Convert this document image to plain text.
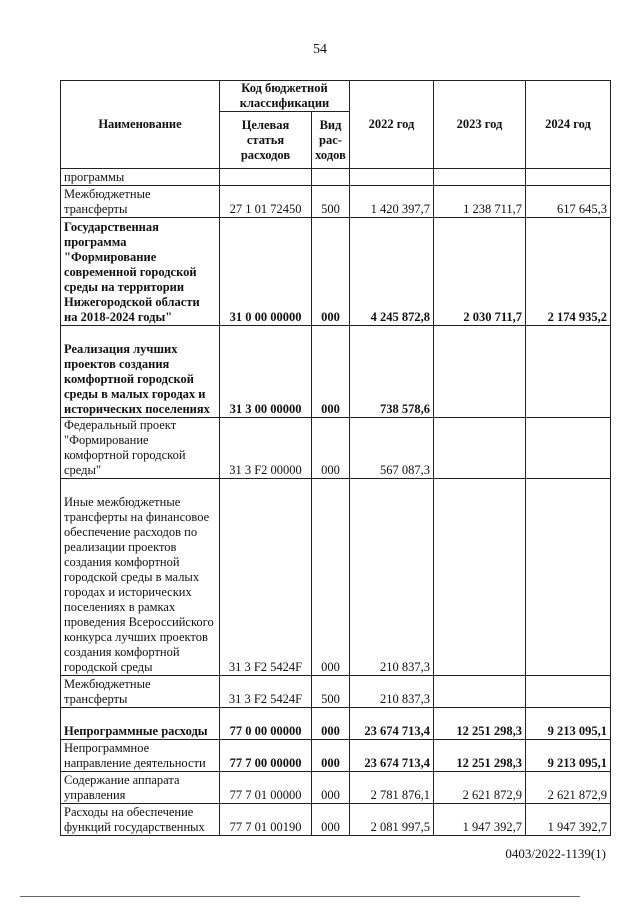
54
Наименование	Код бюджетной классификации		2022 год	2023 год	2024 год
	Целевая статья расходов	Вид рас-ходов			
программы					
Межбюджетные трансферты	27 1 01 72450	500	1 420 397,7	1 238 711,7	617 645,3
Государственная программа "Формирование современной городской среды на территории Нижегородской области на 2018-2024 годы"	31 0 00 00000	000	4 245 872,8	2 030 711,7	2 174 935,2
Реализация лучших проектов создания комфортной городской среды в малых городах и исторических поселениях	31 3 00 00000	000	738 578,6		
Федеральный проект "Формирование комфортной городской среды"	31 3 F2 00000	000	567 087,3		
Иные межбюджетные трансферты на финансовое обеспечение расходов по реализации проектов создания комфортной городской среды в малых городах и исторических поселениях в рамках проведения Всероссийского конкурса лучших проектов создания комфортной городской среды	31 3 F2 5424F	000	210 837,3		
Межбюджетные трансферты	31 3 F2 5424F	500	210 837,3		
Непрограммные расходы	77 0 00 00000	000	23 674 713,4	12 251 298,3	9 213 095,1
Непрограммное направление деятельности	77 7 00 00000	000	23 674 713,4	12 251 298,3	9 213 095,1
Содержание аппарата управления	77 7 01 00000	000	2 781 876,1	2 621 872,9	2 621 872,9
Расходы на обеспечение функций государственных	77 7 01 00190	000	2 081 997,5	1 947 392,7	1 947 392,7
0403/2022-1139(1)
